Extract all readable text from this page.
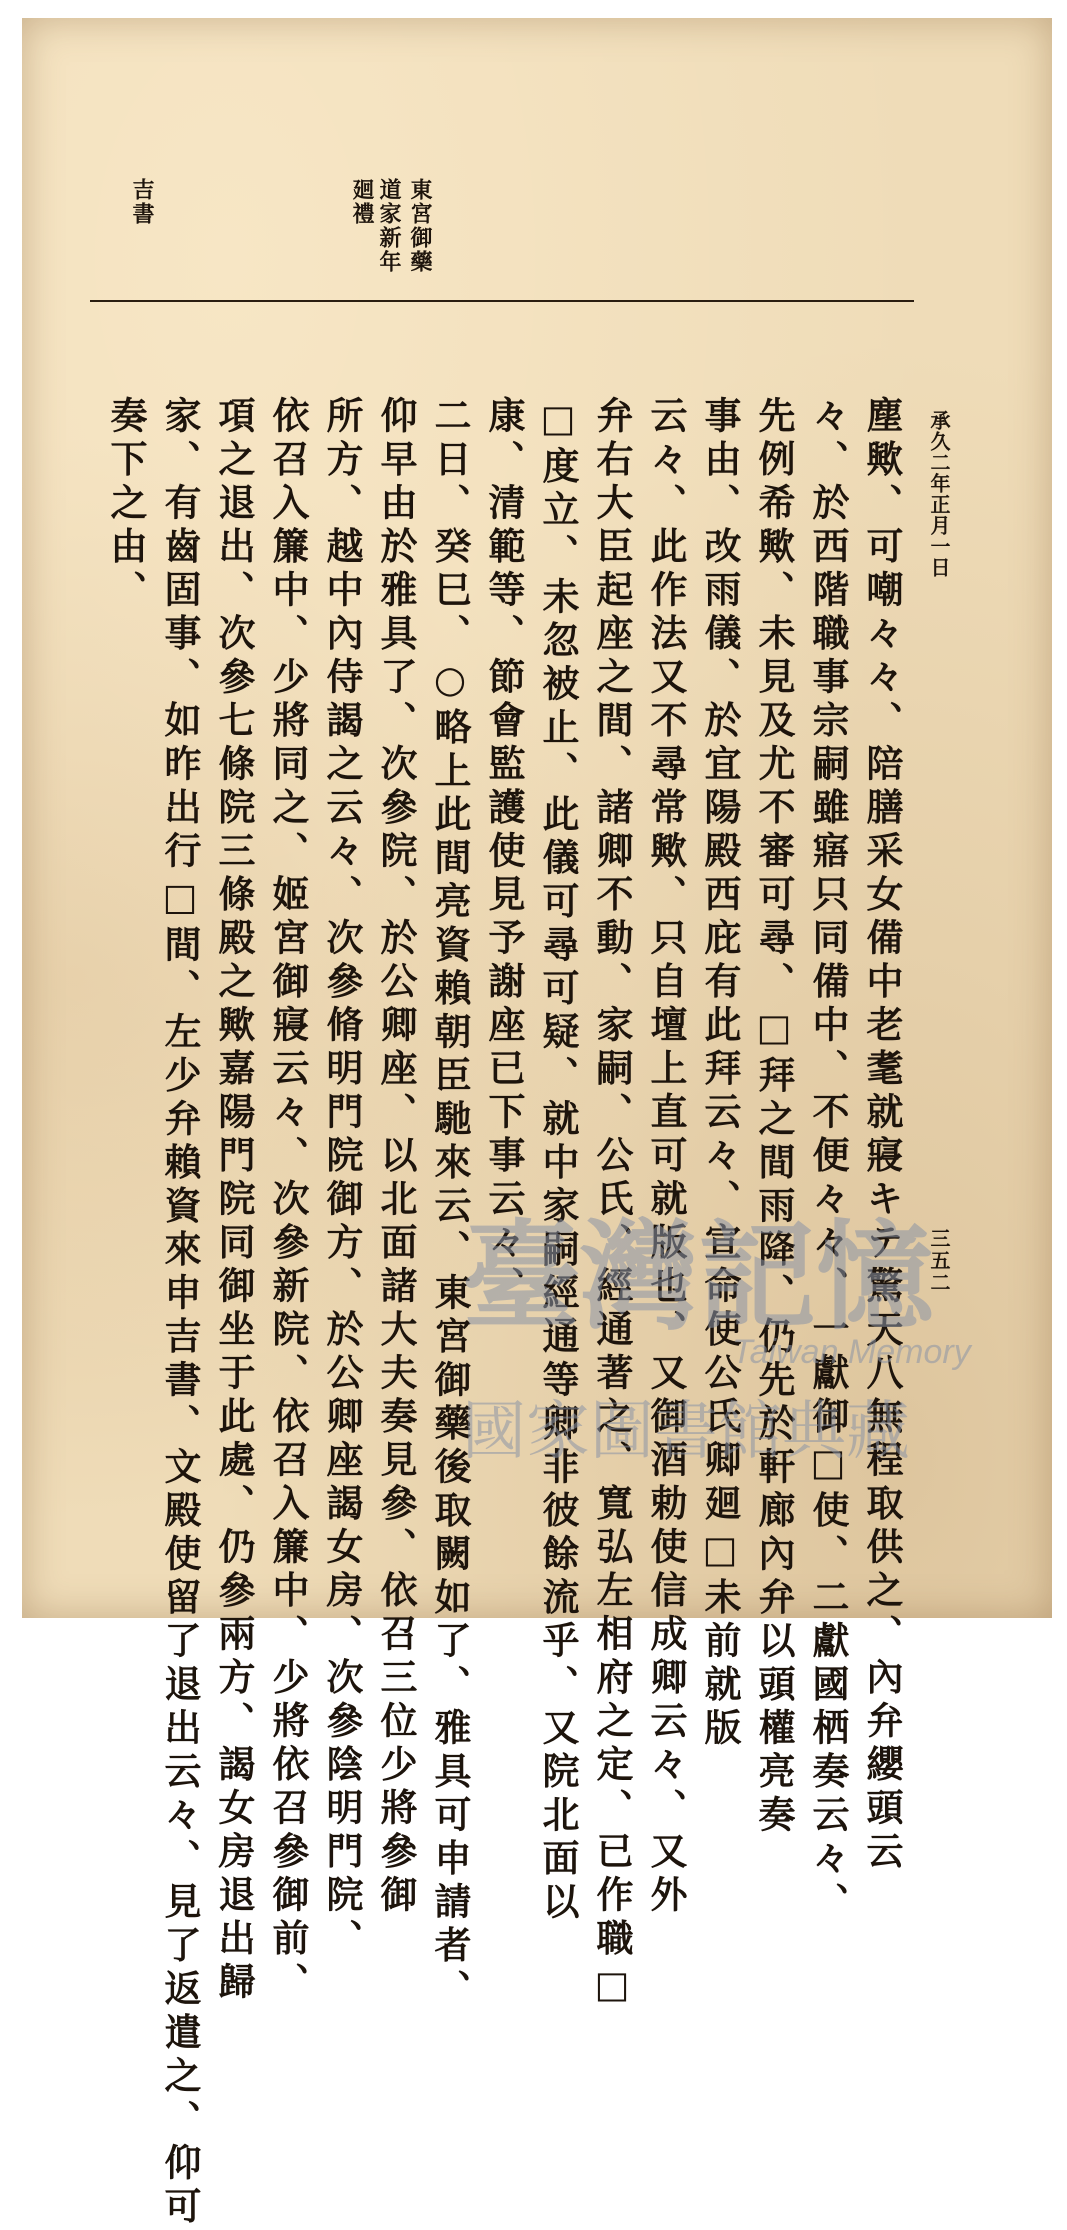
承久二年正月一日
三五二
東宮御藥
道家新年
廻禮
吉書
塵歟、可嘲々々、陪膳采女備中老耄就寢キテ驚天八無程取供之、內弁纓頭云
々、於西階職事宗嗣雖寤只同備中、不便々々、一獻御□使、二獻國栖奏云々、
先例希歟、未見及尤不審可尋、□拜之間雨降、仍先於軒廊內弁以頭權亮奏
事由、改雨儀、於宜陽殿西庇有此拜云々、宣命使公氏卿廻□未前就版
云々、此作法又不尋常歟、只自壇上直可就版也、又御酒勅使信成卿云々、又外
弁右大臣起座之間、諸卿不動、家嗣、公氏、經通著之、寬弘左相府之定、已作職□
□度立、未忽被止、此儀可尋可疑、就中家嗣經通等卿非彼餘流乎、又院北面以
康、清範等、節會監護使見予謝座已下事云々、
二日、癸巳、○略上此間亮資賴朝臣馳來云、東宮御藥後取闕如了、雅具可申請者、
仰早由於雅具了、次參院、於公卿座、以北面諸大夫奏見參、依召三位少將參御
所方、越中內侍謁之云々、次參脩明門院御方、於公卿座謁女房、次參陰明門院、
依召入簾中、少將同之、姬宮御寢云々、次參新院、依召入簾中、少將依召參御前、
項之退出、次參七條院三條殿之歟嘉陽門院同御坐于此處、仍參兩方、謁女房退出歸
家、有齒固事、如昨出行□間、左少弁賴資來申吉書、文殿使留了退出云々、見了返遣之、仰可
奏下之由、
臺灣記憶
Taiwan Memory
國家圖書館典藏
